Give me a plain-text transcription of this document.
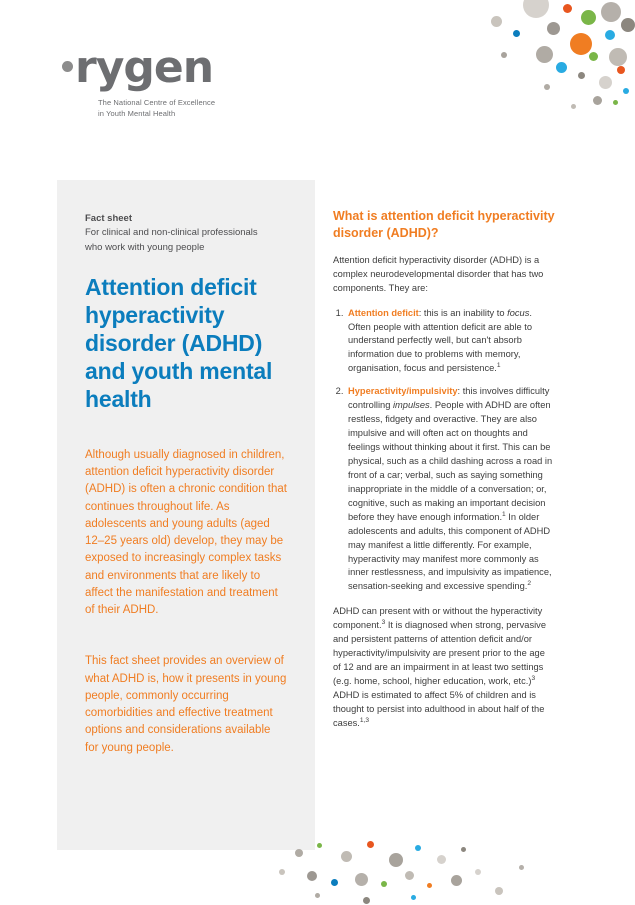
rygen
The National Centre of Excellence
in Youth Mental Health

Fact sheet

For clinical and non-clinical professionals
who work with young people

Attention deficit hyperactivity disorder (ADHD) and youth mental health

Although usually diagnosed in children, attention deficit hyperactivity disorder (ADHD) is often a chronic condition that continues throughout life. As adolescents and young adults (aged 12–25 years old) develop, they may be exposed to increasingly complex tasks and environments that are likely to affect the manifestation and treatment of their ADHD.

This fact sheet provides an overview of what ADHD is, how it presents in young people, commonly occurring comorbidities and effective treatment options and considerations available for young people.

What is attention deficit hyperactivity disorder (ADHD)?

Attention deficit hyperactivity disorder (ADHD) is a complex neurodevelopmental disorder that has two components. They are:

1. Attention deficit: this is an inability to focus. Often people with attention deficit are able to understand perfectly well, but can't absorb information due to problems with memory, organisation, focus and persistence.$^1$
2. Hyperactivity/impulsivity: this involves difficulty controlling impulses. People with ADHD are often restless, fidgety and overactive. They are also impulsive and will often act on thoughts and feelings without thinking about it first. This can be physical, such as a child dashing across a road in front of a car; verbal, such as saying something inappropriate in the middle of a conversation; or, cognitive, such as making an important decision before they have enough information.$^1$ In older adolescents and adults, this component of ADHD may manifest a little differently. For example, hyperactivity may manifest more commonly as inner restlessness, and impulsivity as impatience, sensation-seeking and excessive spending.$^2$

ADHD can present with or without the hyperactivity component.$^3$ It is diagnosed when strong, pervasive and persistent patterns of attention deficit and/or hyperactivity/impulsivity are present prior to the age of 12 and are an impairment in at least two settings (e.g. home, school, higher education, work, etc.)$^3$ ADHD is estimated to affect 5% of children and is thought to persist into adulthood in about half of the cases.$^{1,3}$
